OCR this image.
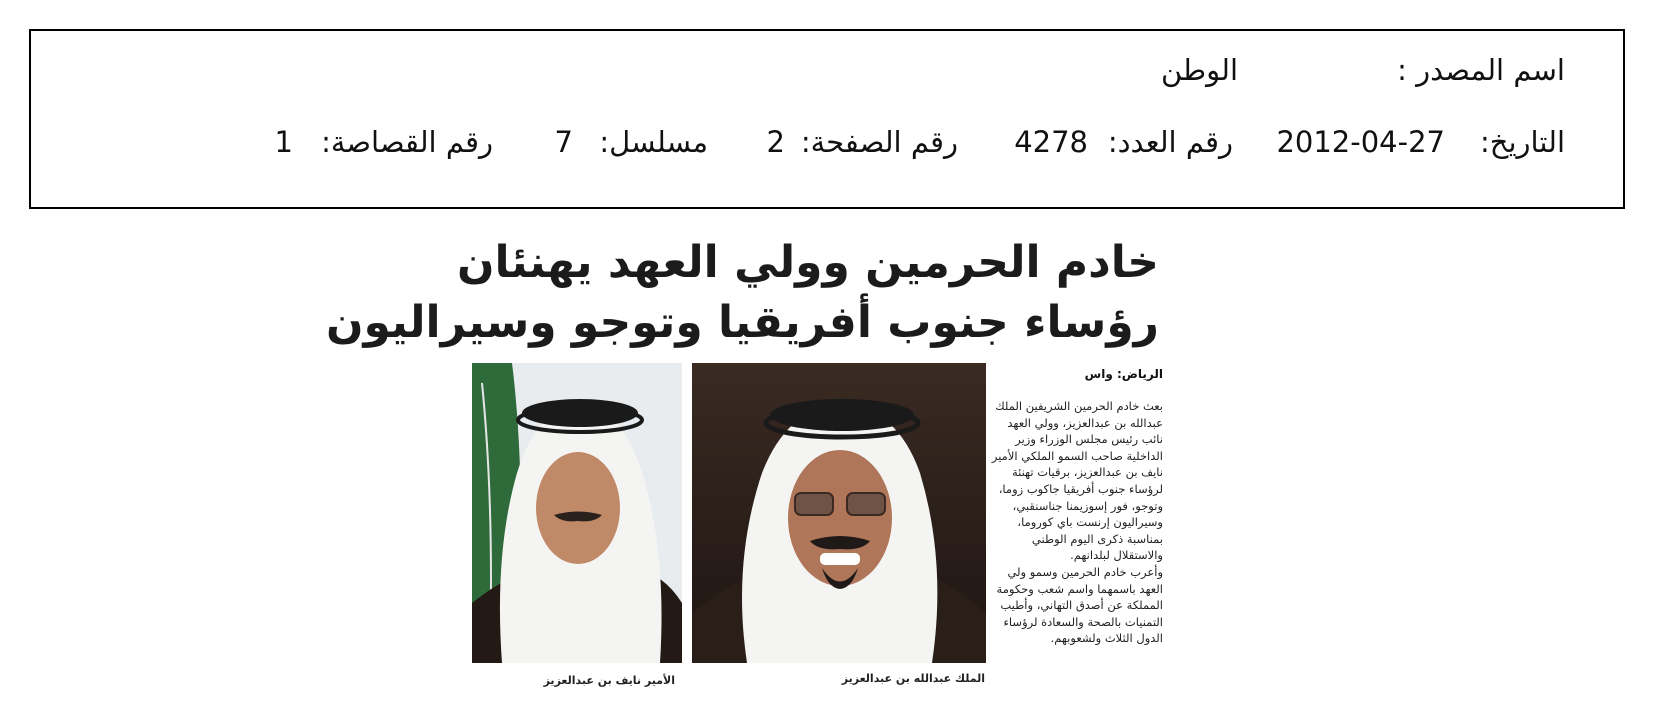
اسم المصدر :
الوطن
التاريخ:
2012-04-27
رقم العدد:
4278
رقم الصفحة:
2
مسلسل:
7
رقم القصاصة:
1
خادم الحرمين وولي العهد يهنئان
رؤساء جنوب أفريقيا وتوجو وسيراليون
الرياض: واس

بعث خادم الحرمين الشريفين الملك عبدالله بن عبدالعزيز، وولي العهد نائب رئيس مجلس الوزراء وزير الداخلية صاحب السمو الملكي الأمير نايف بن عبدالعزيز، برقيات تهنئة لرؤساء جنوب أفريقيا جاكوب زوما، وتوجو، فور إسوزيمنا جناسنقبي، وسيراليون إرنست باي كوروما، بمناسبة ذكرى اليوم الوطني والاستقلال لبلدانهم.

وأعرب خادم الحرمين وسمو ولي العهد باسمهما واسم شعب وحكومة المملكة عن أصدق التهاني، وأطيب التمنيات بالصحة والسعادة لرؤساء الدول الثلاث ولشعوبهم.

الملك عبدالله بن عبدالعزيز
الأمير نايف بن عبدالعزيز
